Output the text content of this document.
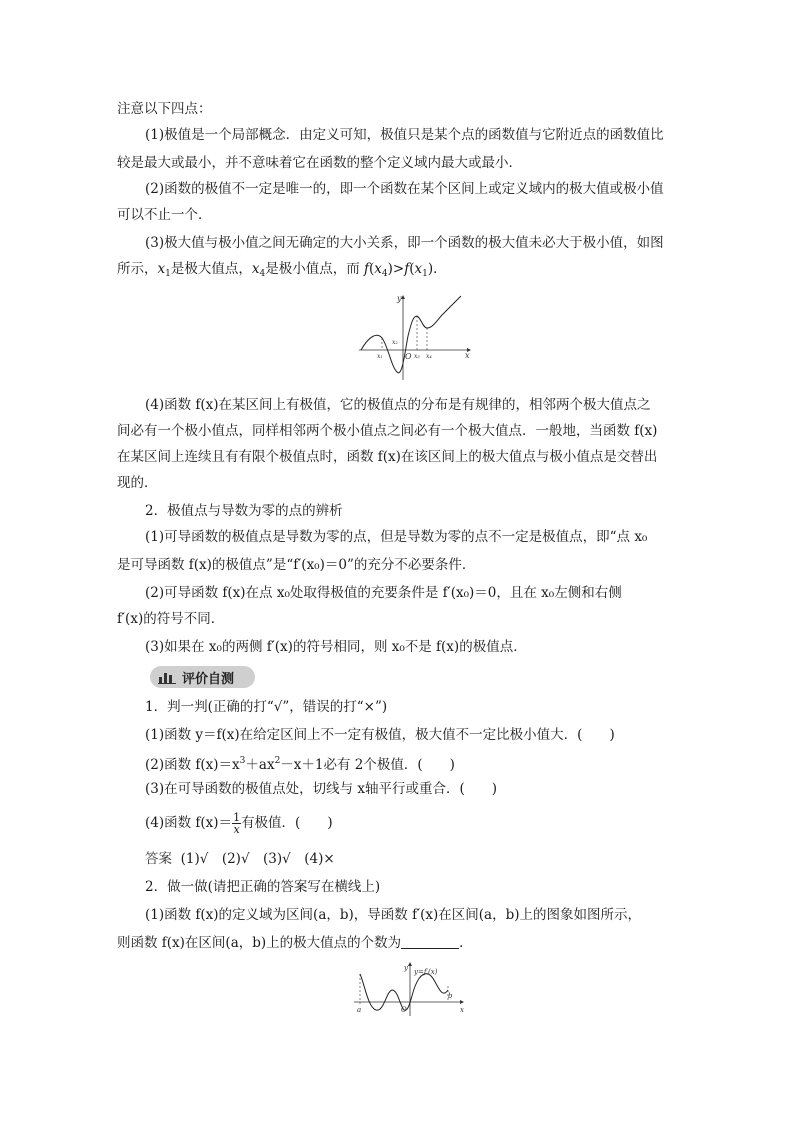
注意以下四点：
(1)极值是一个局部概念．由定义可知，极值只是某个点的函数值与它附近点的函数值比
较是最大或最小，并不意味着它在函数的整个定义域内最大或最小．
(2)函数的极值不一定是唯一的，即一个函数在某个区间上或定义域内的极大值或极小值
可以不止一个．
(3)极大值与极小值之间无确定的大小关系，即一个函数的极大值未必大于极小值，如图
所示，$x_1$是极大值点，$x_4$是极小值点，而 $f(x_4)>f(x_1)$．
y
x
O
x₁
x₂
x₃ x₄
(4)函数 f(x)在某区间上有极值，它的极值点的分布是有规律的，相邻两个极大值点之
间必有一个极小值点，同样相邻两个极小值点之间必有一个极大值点．一般地，当函数 f(x)
在某区间上连续且有有限个极值点时，函数 f(x)在该区间上的极大值点与极小值点是交替出
现的．
2．极值点与导数为零的点的辨析
(1)可导函数的极值点是导数为零的点，但是导数为零的点不一定是极值点，即“点 x₀
是可导函数 f(x)的极值点”是“f′(x₀)＝0”的充分不必要条件．
(2)可导函数 f(x)在点 x₀处取得极值的充要条件是 f′(x₀)＝0，且在 x₀左侧和右侧
f′(x)的符号不同．
(3)如果在 x₀的两侧 f′(x)的符号相同，则 x₀不是 f(x)的极值点．
评价自测
1．判一判(正确的打“√”，错误的打“×”)
(1)函数 y＝f(x)在给定区间上不一定有极值，极大值不一定比极小值大．(　　)
(2)函数 $f(x)=x^3+ax^2-x+1$必有 2个极值．(　　)
(3)在可导函数的极值点处，切线与 x轴平行或重合．(　　)
(4)函数 $f(x)= \frac{1}{x}$ 有极值．(　　)
答案 (1)√　(2)√　(3)√　(4)×
2．做一做(请把正确的答案写在横线上)
(1)函数 f(x)的定义域为区间(a，b)，导函数 f′(x)在区间(a，b)上的图象如图所示，
则函数 f(x)在区间(a，b)上的极大值点的个数为	．
y y=f′(x)
a
b
O	x
